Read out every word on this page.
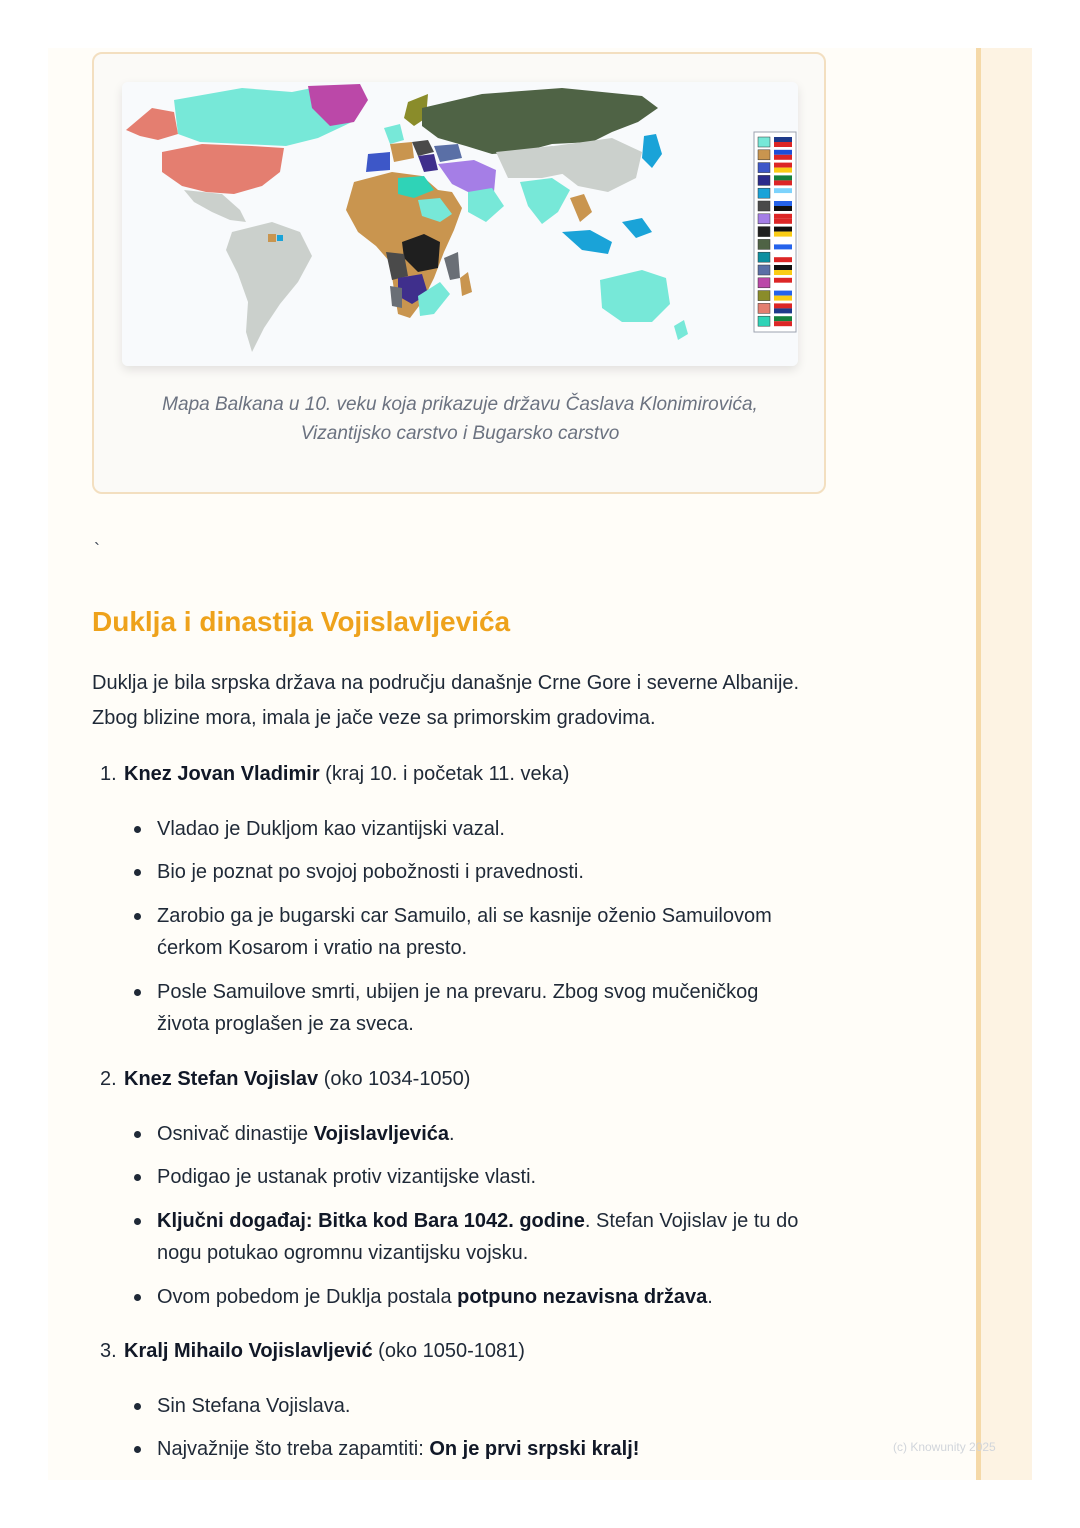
Mapa Balkana u 10. veku koja prikazuje državu Časlava Klonimirovića,
Vizantijsko carstvo i Bugarsko carstvo
`
Duklja i dinastija Vojislavljevića

Duklja je bila srpska država na području današnje Crne Gore i severne Albanije.
Zbog blizine mora, imala je jače veze sa primorskim gradovima.

1. Knez Jovan Vladimir (kraj 10. i početak 11. veka)

Vladao je Dukljom kao vizantijski vazal.

Bio je poznat po svojoj pobožnosti i pravednosti.

Zarobio ga je bugarski car Samuilo, ali se kasnije oženio Samuilovom
ćerkom Kosarom i vratio na presto.

Posle Samuilove smrti, ubijen je na prevaru. Zbog svog mučeničkog
života proglašen je za sveca.

2. Knez Stefan Vojislav (oko 1034-1050)

Osnivač dinastije Vojislavljevića.

Podigao je ustanak protiv vizantijske vlasti.

Ključni događaj: Bitka kod Bara 1042. godine. Stefan Vojislav je tu do
nogu potukao ogromnu vizantijsku vojsku.

Ovom pobedom je Duklja postala potpuno nezavisna država.

3. Kralj Mihailo Vojislavljević (oko 1050-1081)

Sin Stefana Vojislava.

Najvažnije što treba zapamtiti: On je prvi srpski kralj!	(c) Knowunity 2025
